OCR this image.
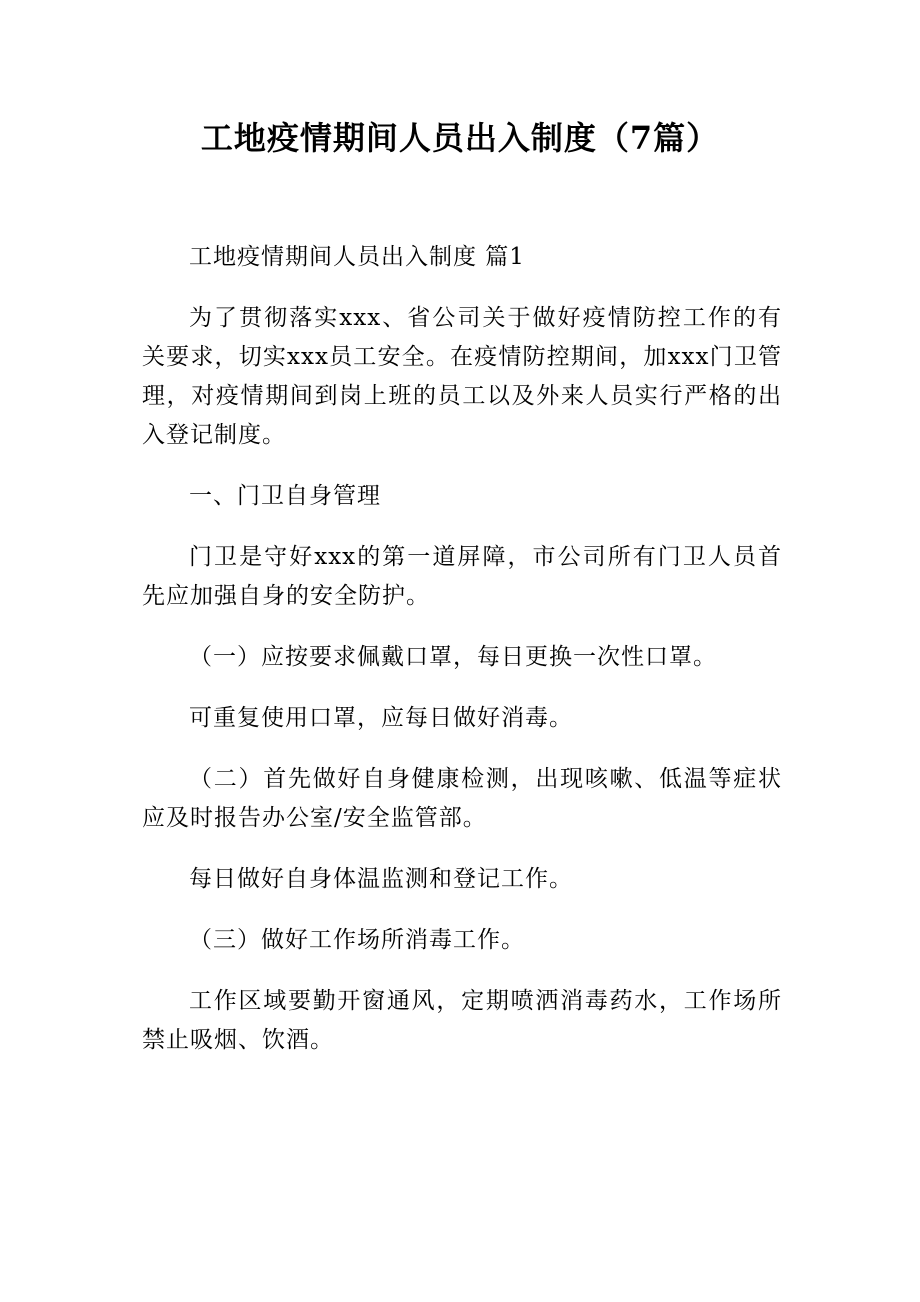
工地疫情期间人员出入制度（7篇）

工地疫情期间人员出入制度 篇1

为了贯彻落实xxx、省公司关于做好疫情防控工作的有关要求，切实xxx员工安全。在疫情防控期间，加xxx门卫管理，对疫情期间到岗上班的员工以及外来人员实行严格的出入登记制度。

一、门卫自身管理

门卫是守好xxx的第一道屏障，市公司所有门卫人员首先应加强自身的安全防护。

（一）应按要求佩戴口罩，每日更换一次性口罩。

可重复使用口罩，应每日做好消毒。

（二）首先做好自身健康检测，出现咳嗽、低温等症状应及时报告办公室/安全监管部。

每日做好自身体温监测和登记工作。

（三）做好工作场所消毒工作。

工作区域要勤开窗通风，定期喷洒消毒药水，工作场所禁止吸烟、饮酒。
